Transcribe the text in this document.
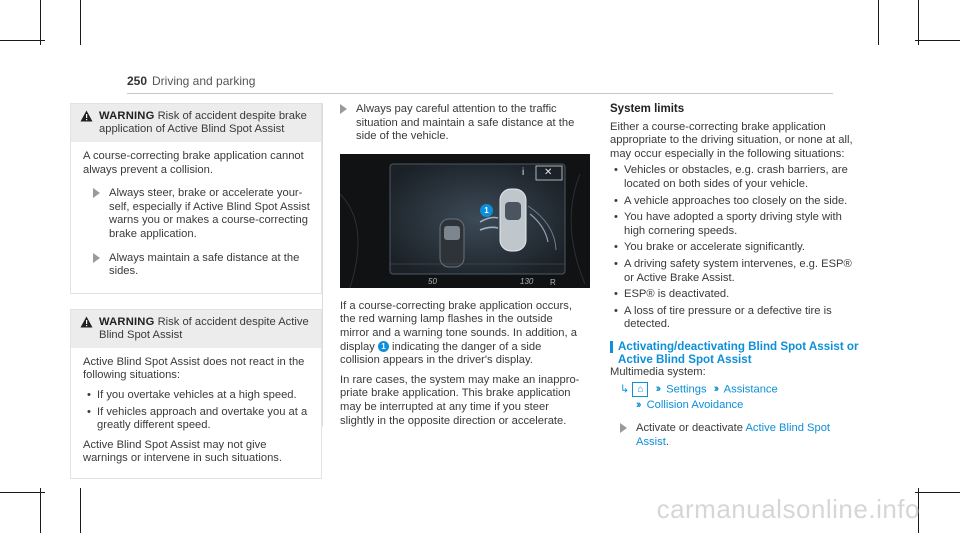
250 Driving and parking
WARNING Risk of accident despite brake application of Active Blind Spot Assist
A course-correcting brake application cannot always prevent a collision.
Always steer, brake or accelerate your-self, especially if Active Blind Spot Assist warns you or makes a course-correcting brake application.
Always maintain a safe distance at the sides.
WARNING Risk of accident despite Active Blind Spot Assist
Active Blind Spot Assist does not react in the following situations:
• If you overtake vehicles at a high speed.
• If vehicles approach and overtake you at a greatly different speed.
Active Blind Spot Assist may not give warnings or intervene in such situations.
Always pay careful attention to the traffic situation and maintain a safe distance at the side of the vehicle.
i ✕
1
50	130 R
If a course-correcting brake application occurs, the red warning lamp flashes in the outside mirror and a warning tone sounds. In addition, a display 1 indicating the danger of a side collision appears in the driver's display.
In rare cases, the system may make an inappro-priate brake application. This brake application may be interrupted at any time if you steer slightly in the opposite direction or accelerate.
System limits
Either a course-correcting brake application appropriate to the driving situation, or none at all, may occur especially in the following situations:
• Vehicles or obstacles, e.g. crash barriers, are located on both sides of your vehicle.
• A vehicle approaches too closely on the side.
• You have adopted a sporty driving style with high cornering speeds.
• You brake or accelerate significantly.
• A driving safety system intervenes, e.g. ESP® or Active Brake Assist.
• ESP® is deactivated.
• A loss of tire pressure or a defective tire is detected.
Activating/deactivating Blind Spot Assist or Active Blind Spot Assist
Multimedia system:
↳ ⌂ ›› Settings ›› Assistance
›› Collision Avoidance
Activate or deactivate Active Blind Spot Assist.
carmanualsonline.info
